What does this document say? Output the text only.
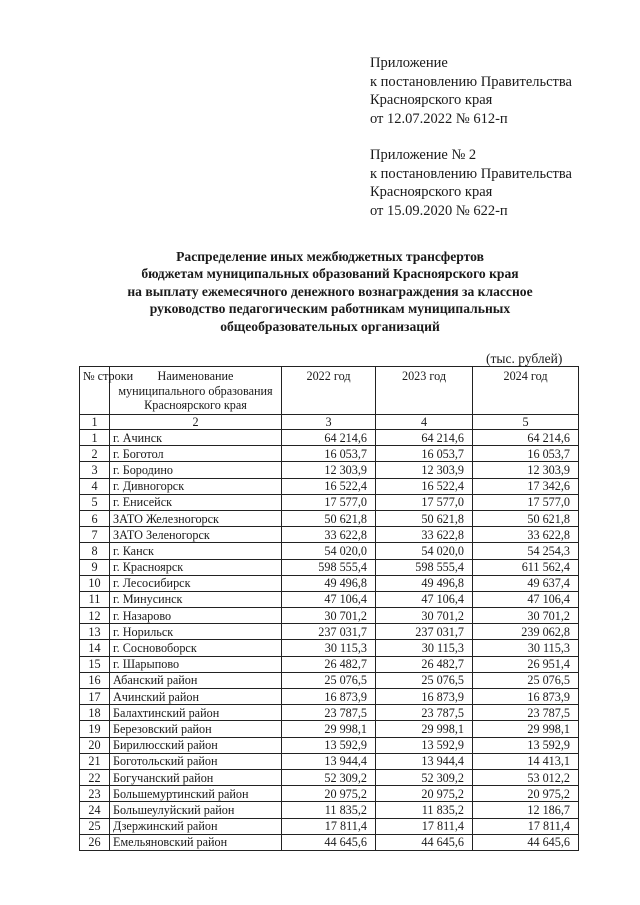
Приложение
к постановлению Правительства
Красноярского края
от 12.07.2022 № 612-п
Приложение № 2
к постановлению Правительства
Красноярского края
от 15.09.2020 № 622-п
Распределение иных межбюджетных трансфертов
бюджетам муниципальных образований Красноярского края
на выплату ежемесячного денежного вознаграждения за классное
руководство педагогическим работникам муниципальных
общеобразовательных организаций
(тыс. рублей)
№ строки	Наименование муниципального образования Красноярского края	2022 год	2023 год	2024 год
1	2	3	4	5
1	г. Ачинск	64 214,6	64 214,6	64 214,6
2	г. Боготол	16 053,7	16 053,7	16 053,7
3	г. Бородино	12 303,9	12 303,9	12 303,9
4	г. Дивногорск	16 522,4	16 522,4	17 342,6
5	г. Енисейск	17 577,0	17 577,0	17 577,0
6	ЗАТО Железногорск	50 621,8	50 621,8	50 621,8
7	ЗАТО Зеленогорск	33 622,8	33 622,8	33 622,8
8	г. Канск	54 020,0	54 020,0	54 254,3
9	г. Красноярск	598 555,4	598 555,4	611 562,4
10	г. Лесосибирск	49 496,8	49 496,8	49 637,4
11	г. Минусинск	47 106,4	47 106,4	47 106,4
12	г. Назарово	30 701,2	30 701,2	30 701,2
13	г. Норильск	237 031,7	237 031,7	239 062,8
14	г. Сосновоборск	30 115,3	30 115,3	30 115,3
15	г. Шарыпово	26 482,7	26 482,7	26 951,4
16	Абанский район	25 076,5	25 076,5	25 076,5
17	Ачинский район	16 873,9	16 873,9	16 873,9
18	Балахтинский район	23 787,5	23 787,5	23 787,5
19	Березовский район	29 998,1	29 998,1	29 998,1
20	Бирилюсский район	13 592,9	13 592,9	13 592,9
21	Боготольский район	13 944,4	13 944,4	14 413,1
22	Богучанский район	52 309,2	52 309,2	53 012,2
23	Большемуртинский район	20 975,2	20 975,2	20 975,2
24	Большеулуйский район	11 835,2	11 835,2	12 186,7
25	Дзержинский район	17 811,4	17 811,4	17 811,4
26	Емельяновский район	44 645,6	44 645,6	44 645,6
